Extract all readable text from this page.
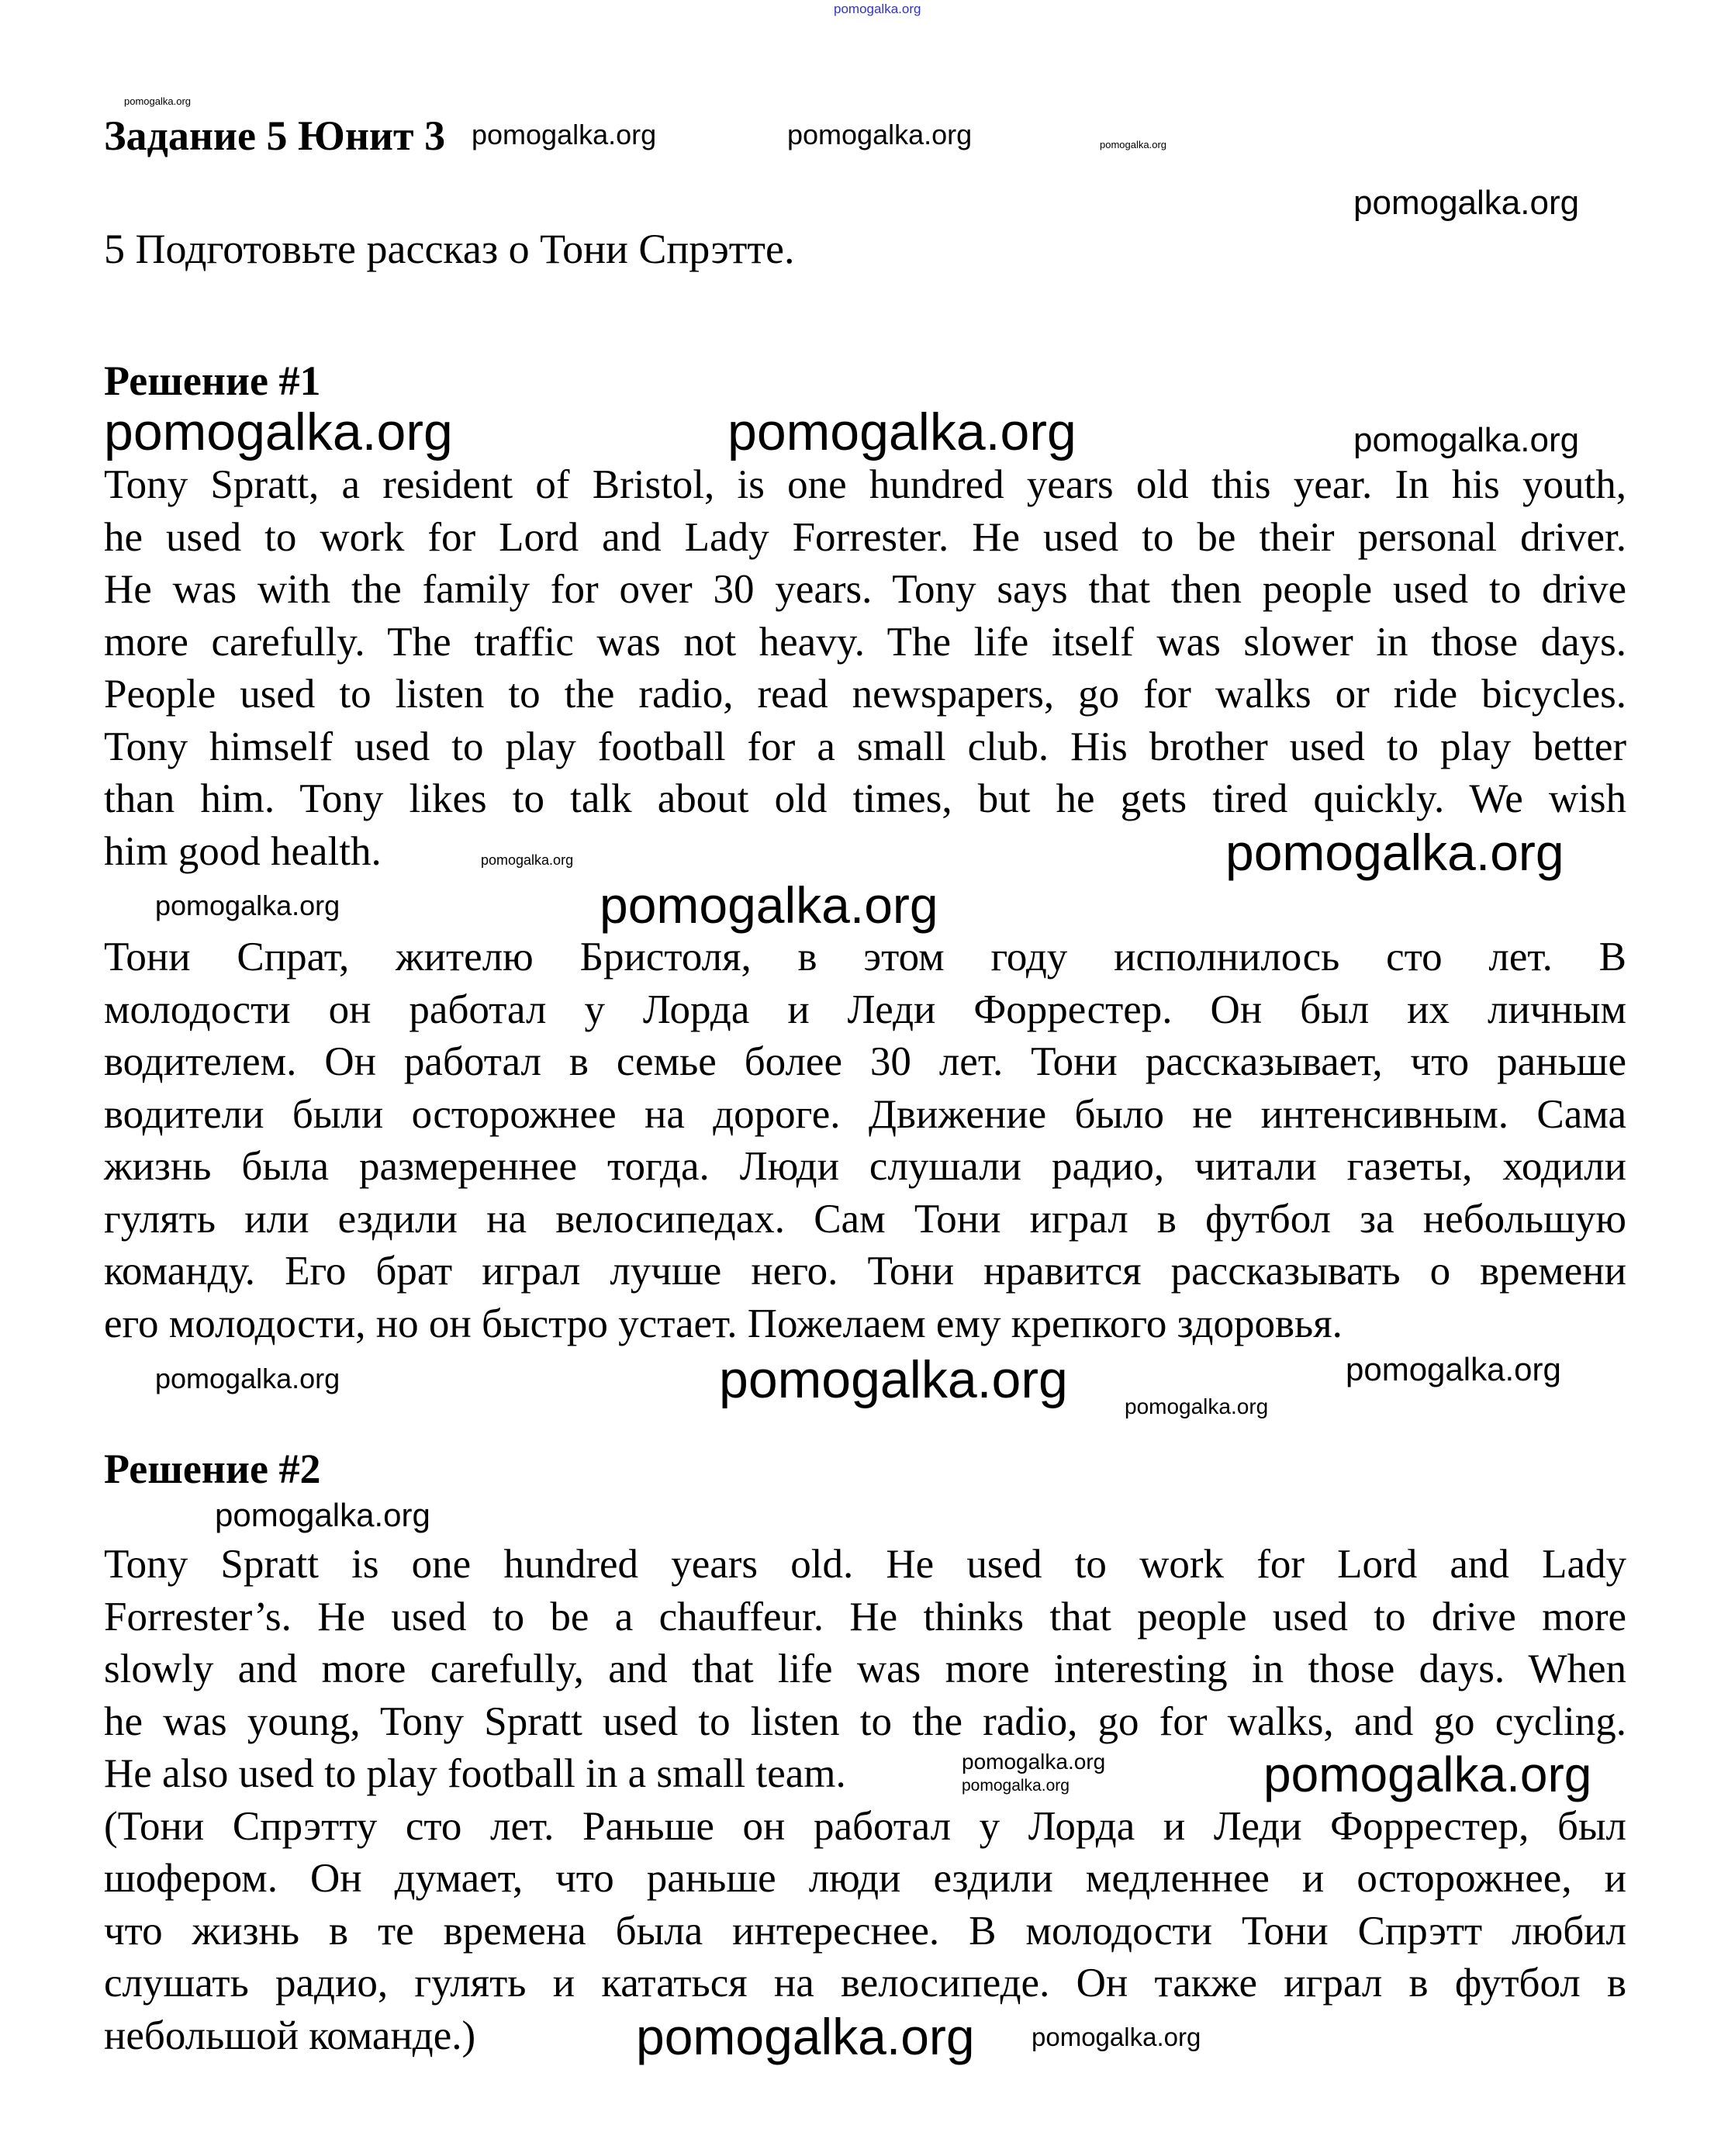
pomogalka.org
Задание 5 Юнит 3
5 Подготовьте рассказ о Тони Спрэтте.
Решение #1
Tony Spratt, a resident of Bristol, is one hundred years old this year. In his youth,
he used to work for Lord and Lady Forrester. He used to be their personal driver.
He was with the family for over 30 years. Tony says that then people used to drive
more carefully. The traffic was not heavy. The life itself was slower in those days.
People used to listen to the radio, read newspapers, go for walks or ride bicycles.
Tony himself used to play football for a small club. His brother used to play better
than him. Tony likes to talk about old times, but he gets tired quickly. We wish
him good health.
Тони Спрат, жителю Бристоля, в этом году исполнилось сто лет. В
молодости он работал у Лорда и Леди Форрестер. Он был их личным
водителем. Он работал в семье более 30 лет. Тони рассказывает, что раньше
водители были осторожнее на дороге. Движение было не интенсивным. Сама
жизнь была размереннее тогда. Люди слушали радио, читали газеты, ходили
гулять или ездили на велосипедах. Сам Тони играл в футбол за небольшую
команду. Его брат играл лучше него. Тони нравится рассказывать о времени
его молодости, но он быстро устает. Пожелаем ему крепкого здоровья.
Решение #2
Tony Spratt is one hundred years old. He used to work for Lord and Lady
Forrester’s. He used to be a chauffeur. He thinks that people used to drive more
slowly and more carefully, and that life was more interesting in those days. When
he was young, Tony Spratt used to listen to the radio, go for walks, and go cycling.
He also used to play football in a small team.
(Тони Спрэтту сто лет. Раньше он работал у Лорда и Леди Форрестер, был
шофером. Он думает, что раньше люди ездили медленнее и осторожнее, и
что жизнь в те времена была интереснее. В молодости Тони Спрэтт любил
слушать радио, гулять и кататься на велосипеде. Он также играл в футбол в
небольшой команде.)
pomogalka.org
pomogalka.org	pomogalka.org	pomogalka.org
pomogalka.org
pomogalka.org	pomogalka.org	pomogalka.org
pomogalka.org	pomogalka.org
pomogalka.org	pomogalka.org
pomogalka.org
pomogalka.org	pomogalka.org	pomogalka.org
pomogalka.org
pomogalka.org
pomogalka.org	pomogalka.org
pomogalka.org
pomogalka.org
